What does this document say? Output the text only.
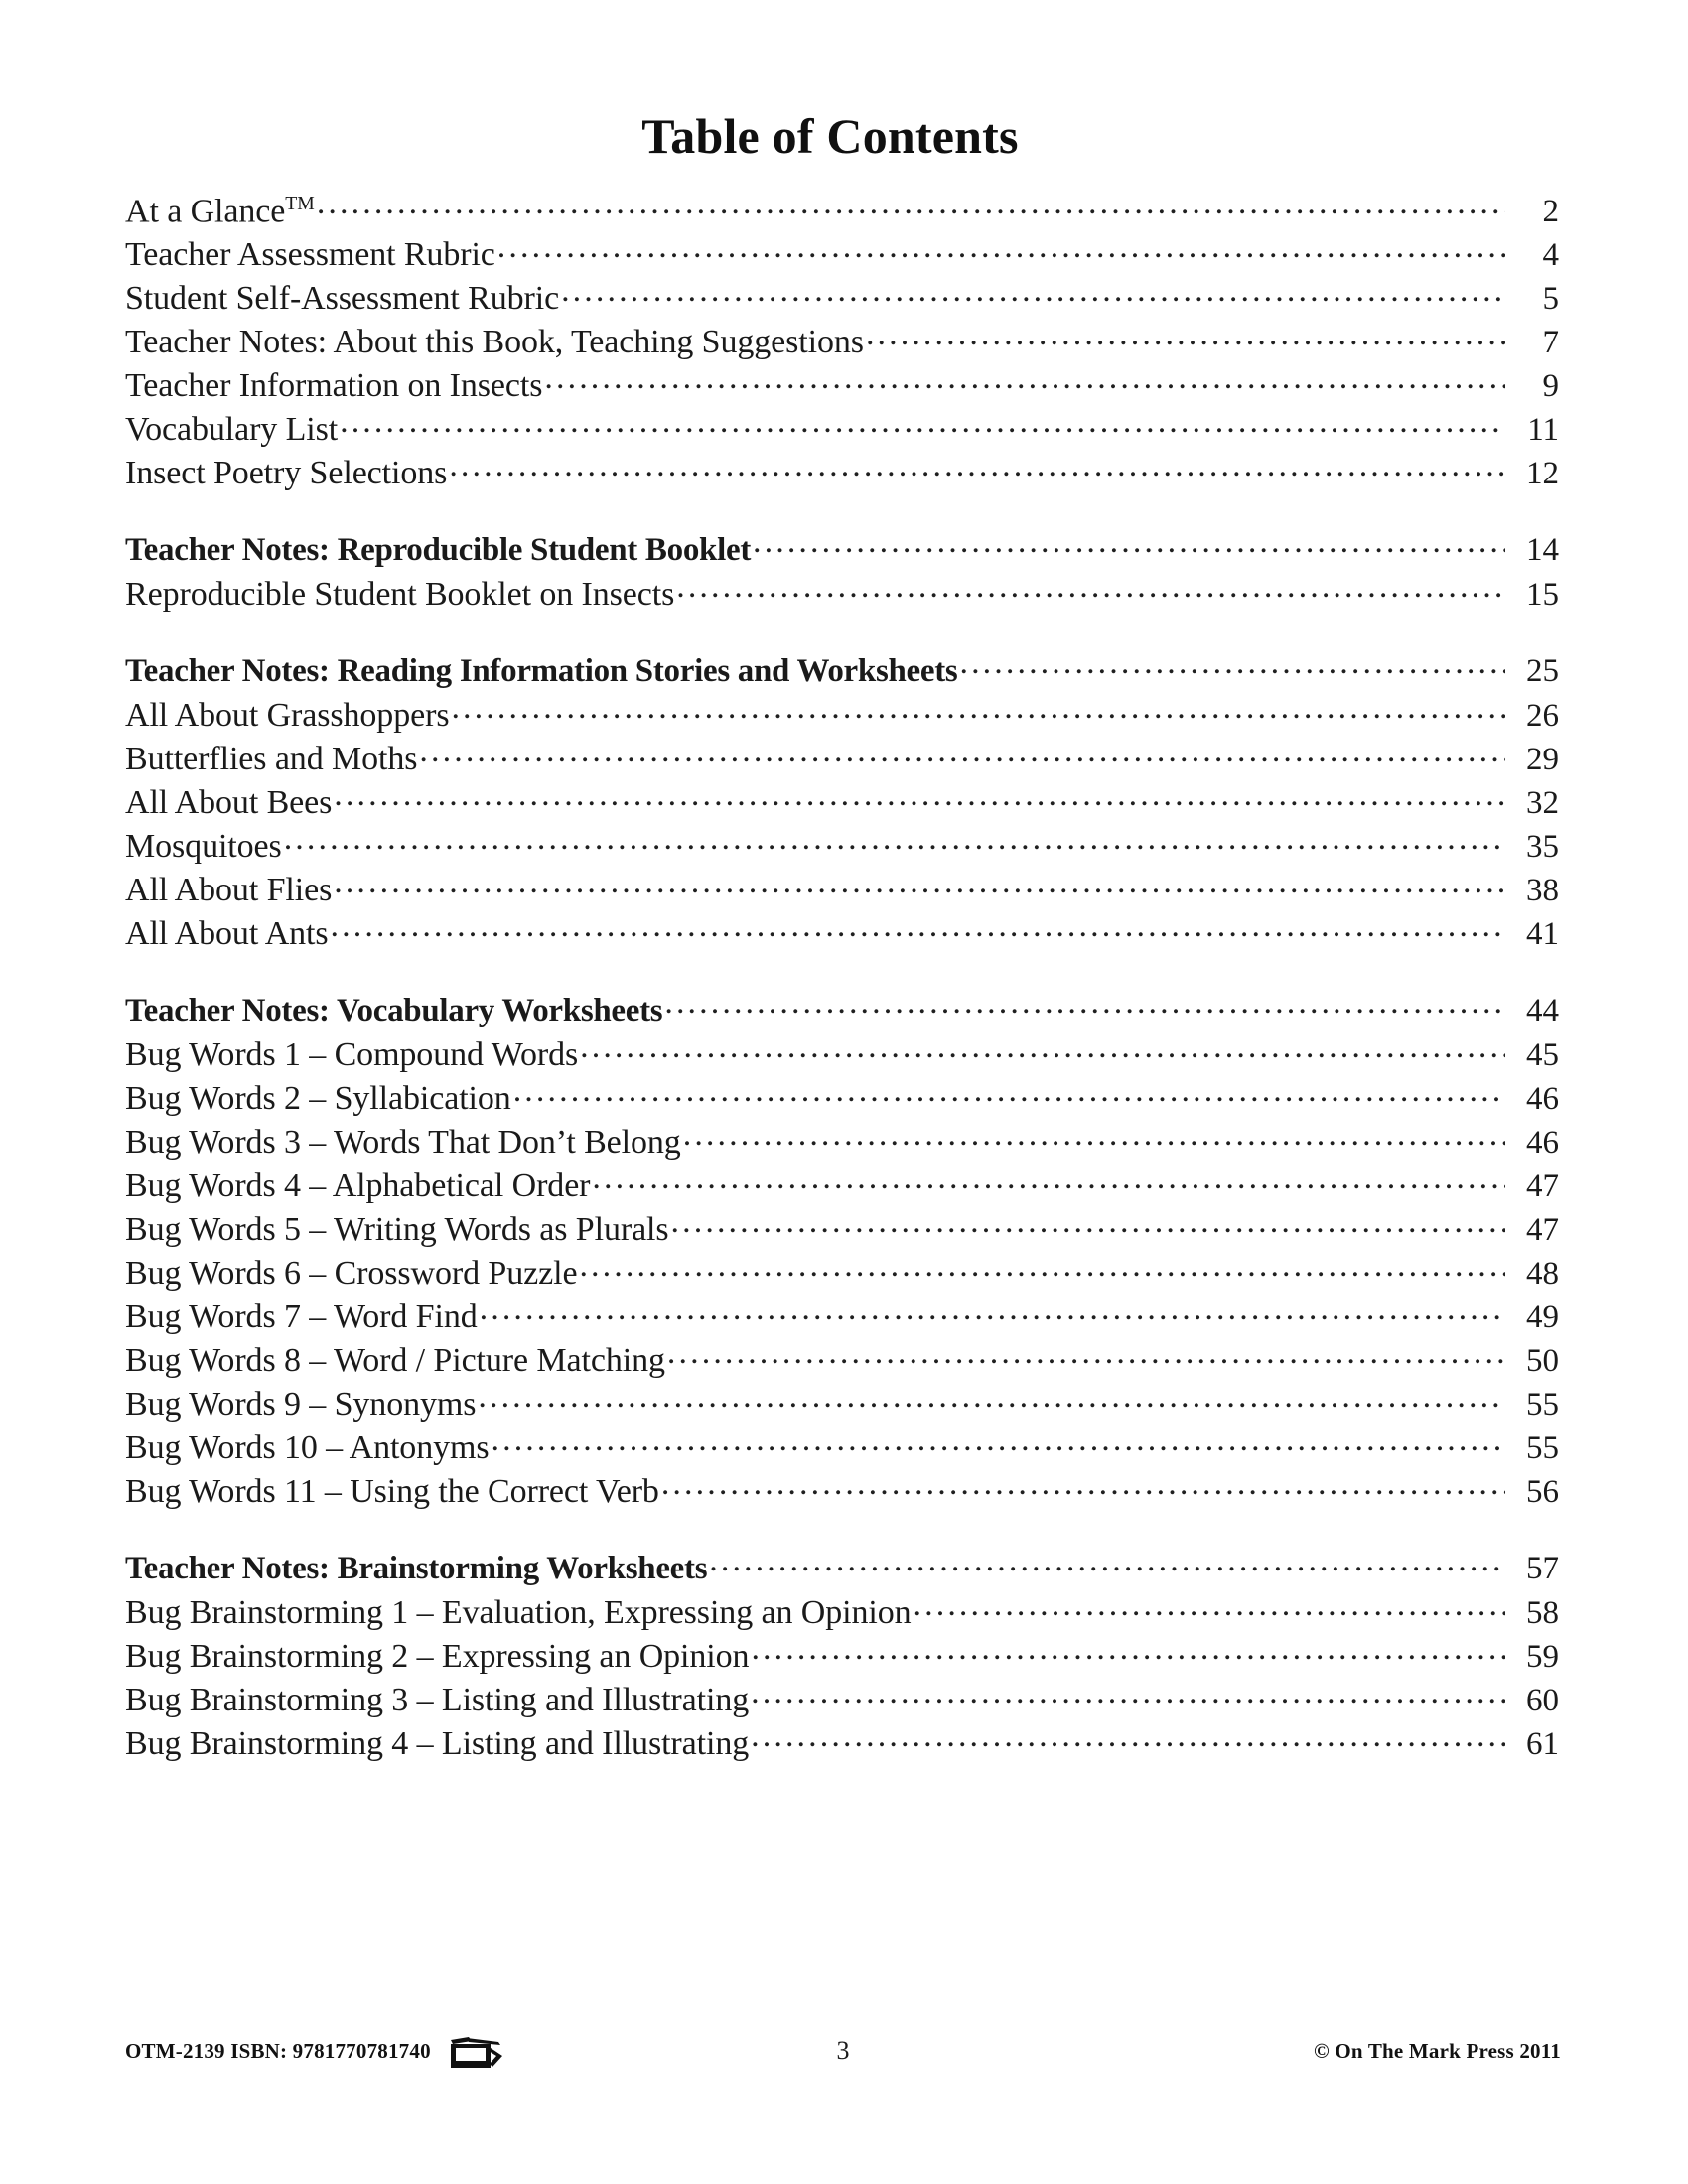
Table of Contents
At a Glance™ .....	2
Teacher Assessment Rubric .....	4
Student Self-Assessment Rubric .....	5
Teacher Notes: About this Book, Teaching Suggestions .....	7
Teacher Information on Insects .....	9
Vocabulary List .....	11
Insect Poetry Selections .....	12
Teacher Notes: Reproducible Student Booklet .....	14
Reproducible Student Booklet on Insects .....	15
Teacher Notes: Reading Information Stories and Worksheets .....	25
All About Grasshoppers .....	26
Butterflies and Moths .....	29
All About Bees .....	32
Mosquitoes .....	35
All About Flies .....	38
All About Ants .....	41
Teacher Notes: Vocabulary Worksheets .....	44
Bug Words 1 – Compound Words .....	45
Bug Words 2 – Syllabication .....	46
Bug Words 3 – Words That Don’t Belong .....	46
Bug Words 4 – Alphabetical Order .....	47
Bug Words 5 – Writing Words as Plurals .....	47
Bug Words 6 – Crossword Puzzle .....	48
Bug Words 7 – Word Find .....	49
Bug Words 8 – Word / Picture Matching .....	50
Bug Words 9 – Synonyms .....	55
Bug Words 10 – Antonyms .....	55
Bug Words 11 – Using the Correct Verb .....	56
Teacher Notes: Brainstorming Worksheets .....	57
Bug Brainstorming 1 – Evaluation, Expressing an Opinion .....	58
Bug Brainstorming 2 – Expressing an Opinion .....	59
Bug Brainstorming 3 – Listing and Illustrating .....	60
Bug Brainstorming 4 – Listing and Illustrating .....	61
OTM-2139 ISBN: 9781770781740	3	© On The Mark Press 2011
